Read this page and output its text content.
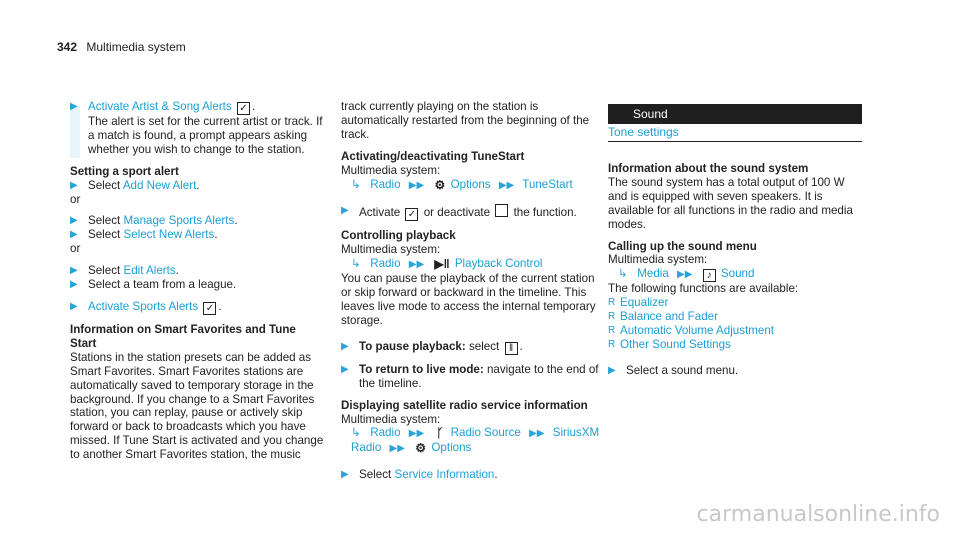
342 Multimedia system
▶ Activate Artist & Song Alerts ✓ .
The alert is set for the current artist or track. If a match is found, a prompt appears asking whether you wish to change to the station.

Setting a sport alert

▶ Select Add New Alert.

or

▶ Select Manage Sports Alerts.
▶ Select Select New Alerts.

or

▶ Select Edit Alerts.
▶ Select a team from a league.
▶ Activate Sports Alerts ✓ .

Information on Smart Favorites and Tune Start

Stations in the station presets can be added as Smart Favorites. Smart Favorites stations are automatically saved to temporary storage in the background. If you change to a Smart Favorites station, you can replay, pause or actively skip forward or back to broadcasts which you have missed. If Tune Start is activated and you change to another Smart Favorites station, the music

track currently playing on the station is automatically restarted from the beginning of the track.

Activating/deactivating TuneStart

Multimedia system:

↳ Radio ▶▶ ⚙ Options ▶▶ TuneStart

▶ Activate ✓ or deactivate the function.

Controlling playback

Multimedia system:

↳ Radio ▶▶ ▶‖ Playback Control

You can pause the playback of the current station or skip forward or backward in the timeline. This leaves live mode to access the internal temporary storage.

▶ To pause playback: select ‖ .
▶ To return to live mode: navigate to the end of the timeline.

Displaying satellite radio service information

Multimedia system:

↳ Radio ▶▶ ᚴ Radio Source ▶▶ SiriusXM Radio ▶▶ ⚙ Options

▶ Select Service Information.
Sound
Tone settings

Information about the sound system

The sound system has a total output of 100 W and is equipped with seven speakers. It is available for all functions in the radio and media modes.

Calling up the sound menu

Multimedia system:

↳ Media ▶▶ ♪ Sound

The following functions are available:

R Equalizer
R Balance and Fader
R Automatic Volume Adjustment
R Other Sound Settings
▶ Select a sound menu.
carmanualsonline.info
